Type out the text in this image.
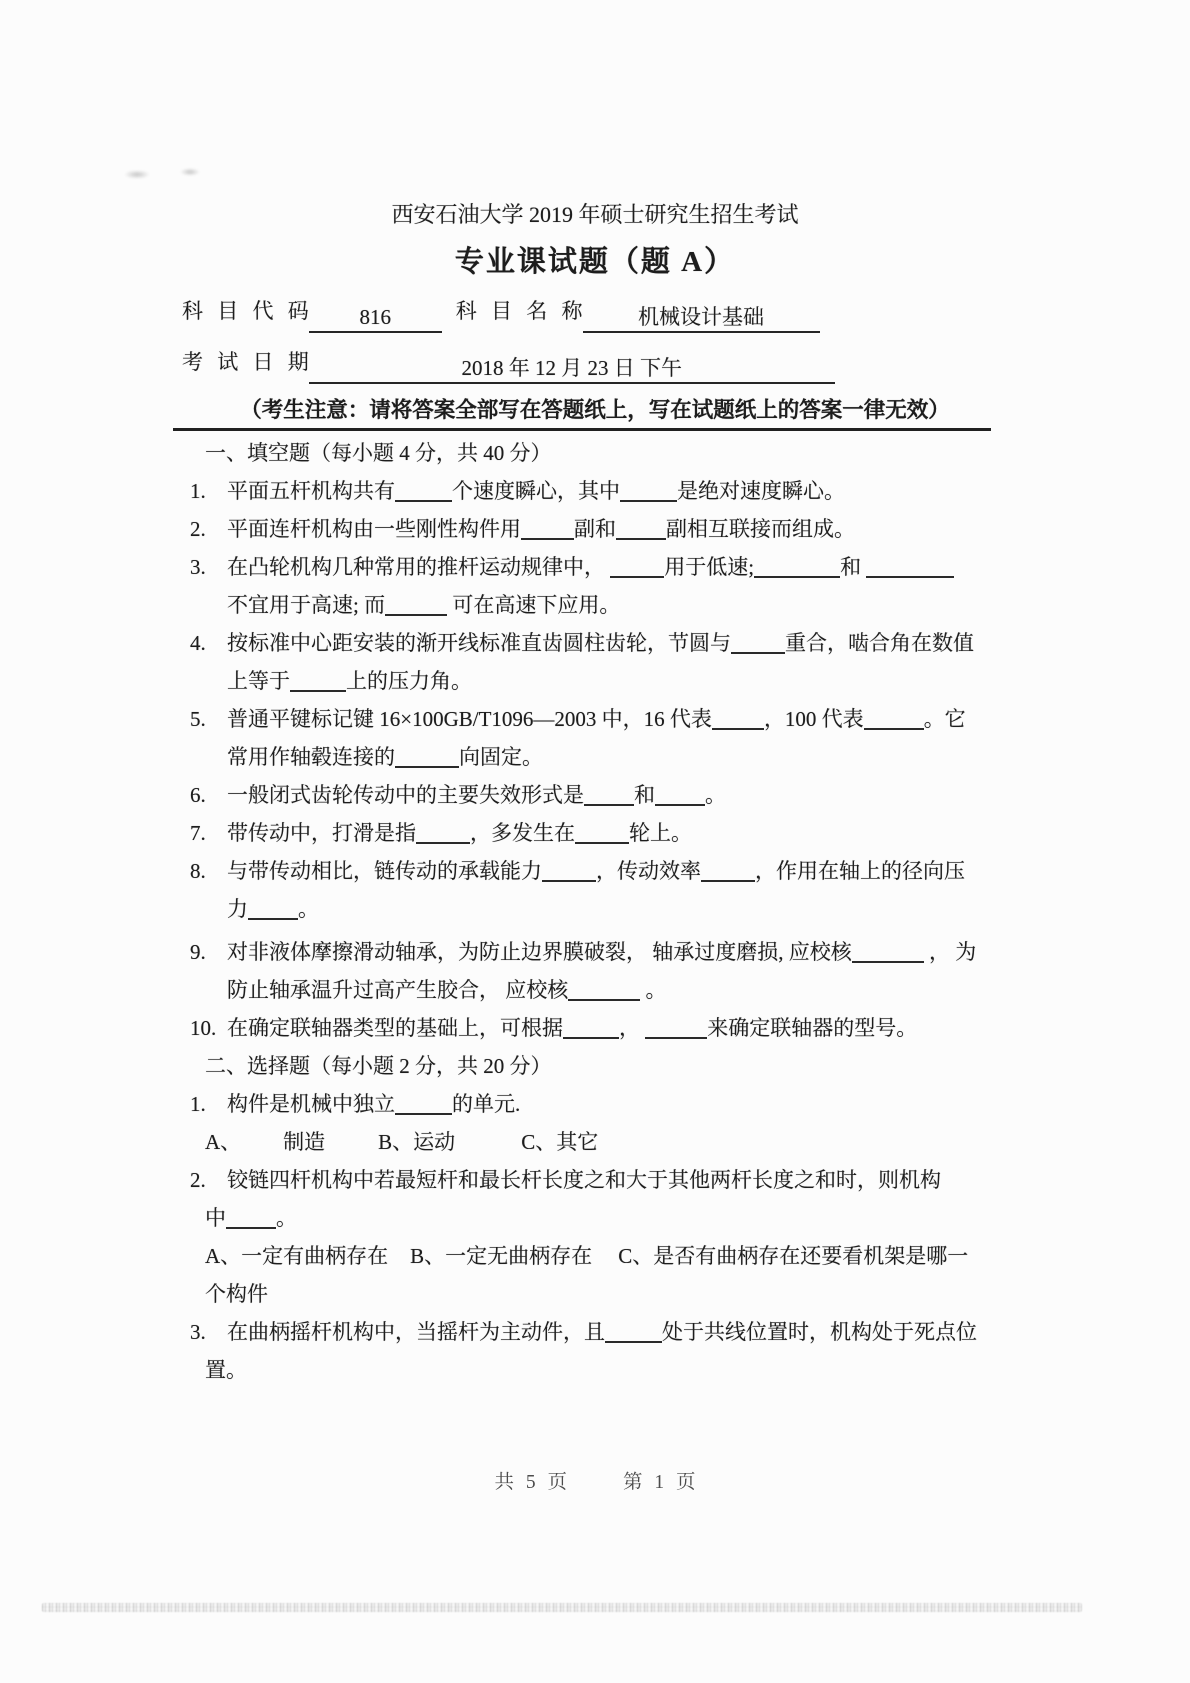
西安石油大学 2019 年硕士研究生招生考试
专业课试题（题 A）
科 目 代 码 816	科 目 名 称	机械设计基础
考 试 日 期	2018 年 12 月 23 日 下午
（考生注意：请将答案全部写在答题纸上，写在试题纸上的答案一律无效）
一、填空题（每小题 4 分，共 40 分）
1. 平面五杆机构共有	个速度瞬心，其中	是绝对速度瞬心。
2. 平面连杆机构由一些刚性构件用	副和 副相互联接而组成。
3. 在凸轮机构几种常用的推杆运动规律中，	用于低速;	和
不宜用于高速; 而	可在高速下应用。
4. 按标准中心距安装的渐开线标准直齿圆柱齿轮，节圆与	重合，啮合角在数值
上等于	上的压力角。
5. 普通平键标记键 16×100GB/T1096—2003 中，16 代表 ，100 代表	。它
常用作轴毂连接的	向固定。
6. 一般闭式齿轮传动中的主要失效形式是 和 。
7. 带传动中，打滑是指	，多发生在	轮上。
8. 与带传动相比，链传动的承载能力	，传动效率	，作用在轴上的径向压
力 。
9. 对非液体摩擦滑动轴承，为防止边界膜破裂， 轴承过度磨损, 应校核	， 为
防止轴承温升过高产生胶合， 应校核	。
10. 在确定联轴器类型的基础上，可根据	，	来确定联轴器的型号。
二、选择题（每小题 2 分，共 20 分）
1. 构件是机械中独立	的单元.
A、 制造	B、运动	C、其它
2. 铰链四杆机构中若最短杆和最长杆长度之和大于其他两杆长度之和时，则机构
中 。
A、一定有曲柄存在 B、一定无曲柄存在 C、是否有曲柄存在还要看机架是哪一
个构件
3. 在曲柄摇杆机构中，当摇杆为主动件，且	处于共线位置时，机构处于死点位
置。
共 5 页	第 1 页
